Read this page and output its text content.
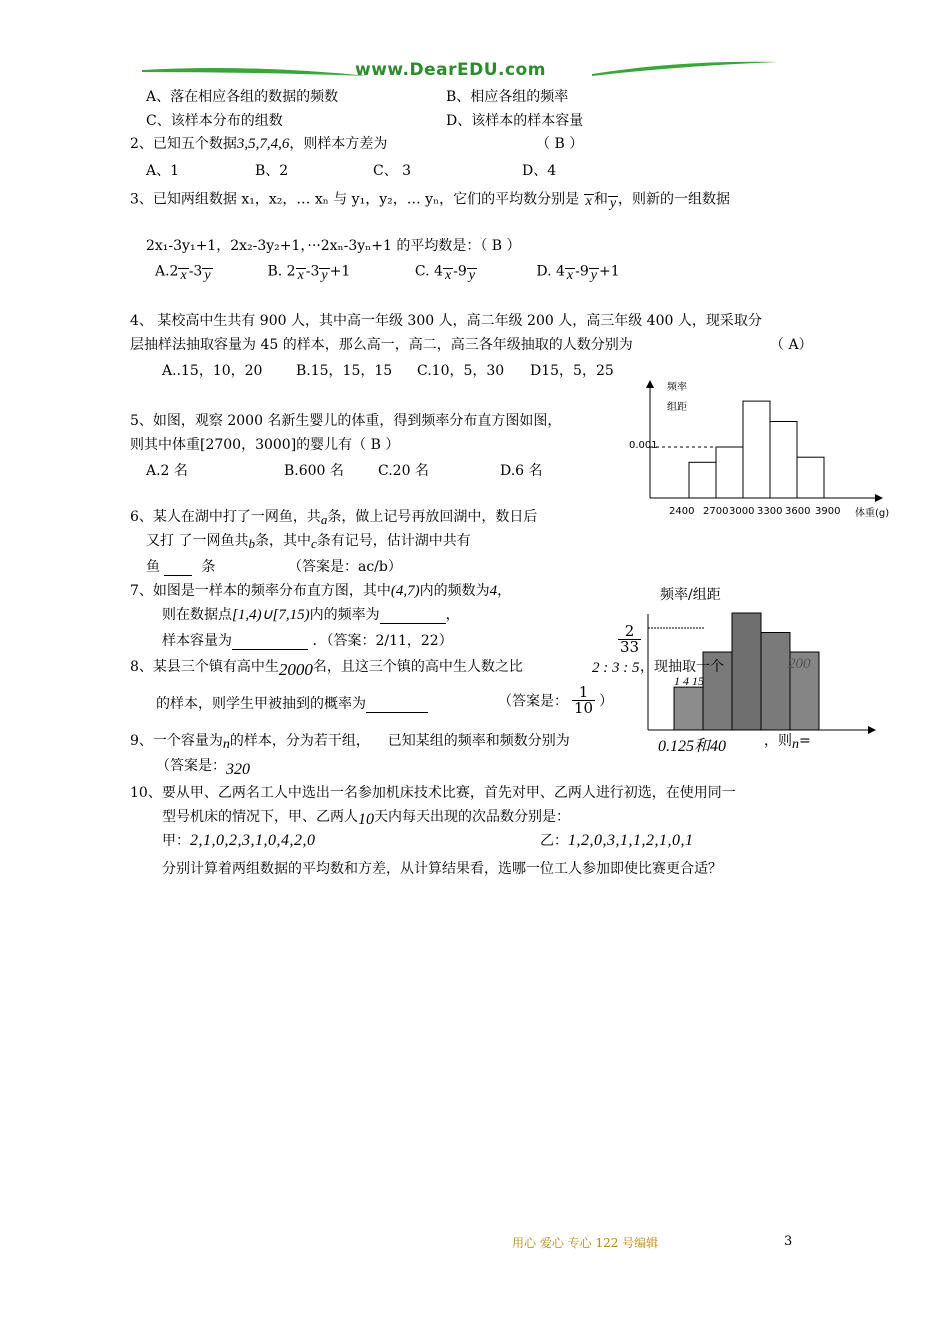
www.DearEDU.com
A、落在相应各组的数据的频数	B、相应各组的频率
C、该样本分布的组数	D、该样本的样本容量
2、已知五个数据3,5,7,4,6，则样本方差为	（ B ）
A、1	B、2	C、 3	D、4
3、已知两组数据 x₁，x₂，… xₙ 与 y₁，y₂，… yₙ，它们的平均数分别是
x 和
y ，则新的一组数据
2x₁-3y₁+1，2x₂-3y₂+1，···2xₙ-3yₙ+1 的平均数是：（ B ）
A.2
x -3
y	B. 2
x -3
y +1	C. 4
x -9
y	D. 4
x -9
y +1
4、 某校高中生共有 900 人，其中高一年级 300 人，高二年级 200 人，高三年级 400 人，现采取分
层抽样法抽取容量为 45 的样本，那么高一，高二，高三各年级抽取的人数分别为	（ A）
A..15，10，20 B.15，15，15 C.10，5，30 D15，5，25
频率
组距
0.001
体重(g)
2400 2700 3000 3300 3600 3900
5、如图，观察 2000 名新生婴儿的体重，得到频率分布直方图如图，
则其中体重[2700，3000]的婴儿有（ B ）
A.2 名	B.600 名 C.20 名	D.6 名
6、某人在湖中打了一网鱼，共a条，做上记号再放回湖中，数日后
又打 了一网鱼共b条，其中c条有记号，估计湖中共有
鱼	条	（答案是：ac/b）
7、如图是一样本的频率分布直方图，其中(4,7)内的频数为4，
则在数据点[1,4)∪[7,15)内的频率为	，
样本容量为	．（答案：2/11，22）
频率/组距
$\frac{2}{33}$
8、某县三个镇有高中生2000名，且这三个镇的高中生人数之比	2 : 3 : 5 ，现抽取一个	200
1 4 15
的样本，则学生甲被抽到的概率为	（答案是： $\frac{1}{10}$ ）
9、一个容量为n的样本，分为若干组， 已知某组的频率和频数分别为	0.125和40	，则n=
（答案是：320
10、要从甲、乙两名工人中选出一名参加机床技术比赛，首先对甲、乙两人进行初选，在使用同一
型号机床的情况下，甲、乙两人10天内每天出现的次品数分别是：
甲：2,1,0,2,3,1,0,4,2,0	乙：1,2,0,3,1,1,2,1,0,1
分别计算着两组数据的平均数和方差，从计算结果看，选哪一位工人参加即使比赛更合适？
用心 爱心 专心 122 号编辑	3
